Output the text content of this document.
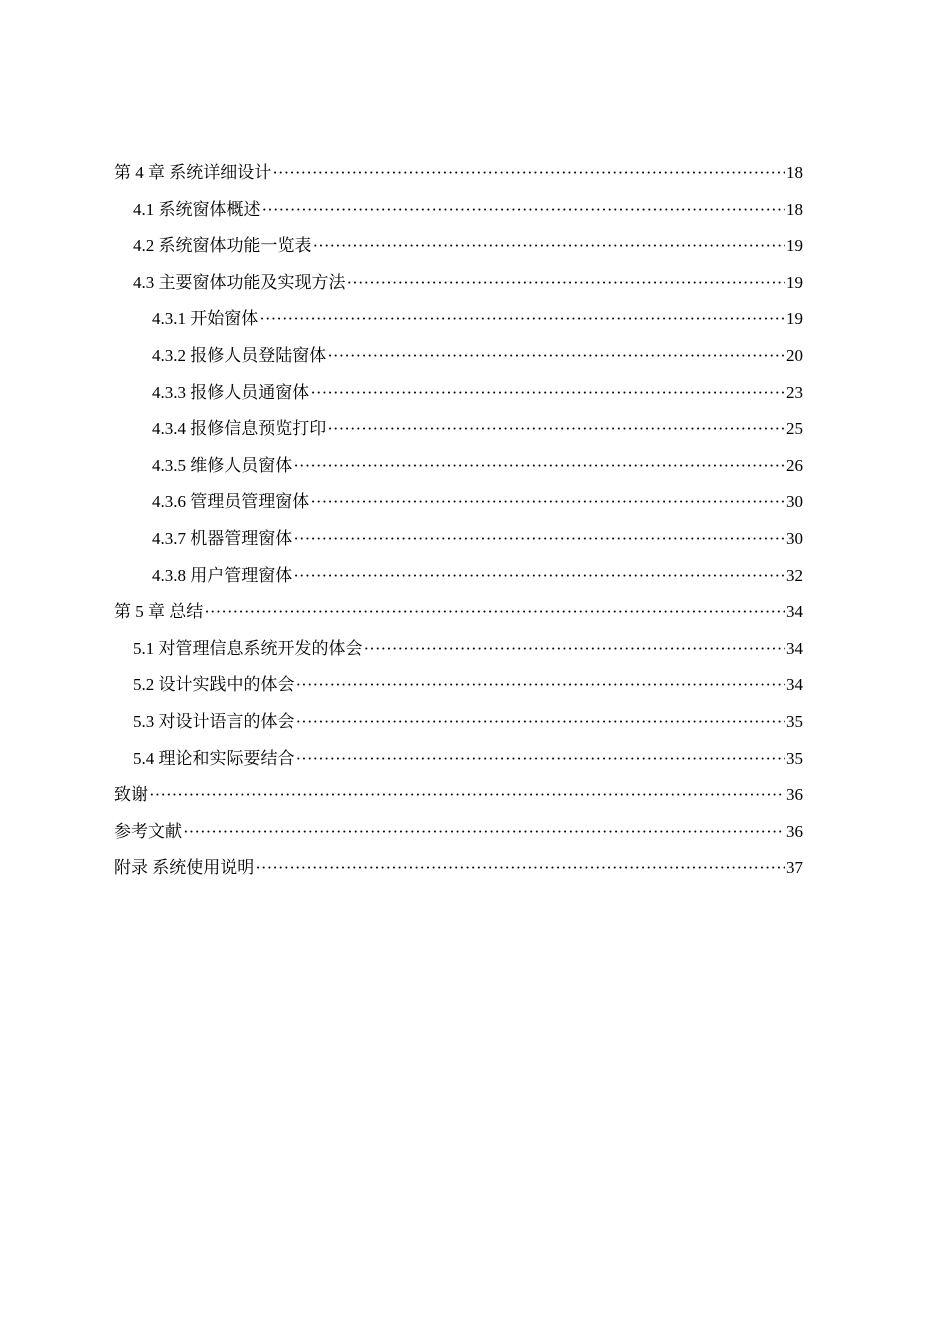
第 4 章 系统详细设计 ·····	18
4.1 系统窗体概述 ·····	18
4.2 系统窗体功能一览表 ·····	19
4.3 主要窗体功能及实现方法 ·····	19
4.3.1 开始窗体 ·····	19
4.3.2 报修人员登陆窗体 ·····	20
4.3.3 报修人员通窗体 ·····	23
4.3.4 报修信息预览打印 ·····	25
4.3.5 维修人员窗体 ·····	26
4.3.6 管理员管理窗体 ·····	30
4.3.7 机器管理窗体 ·····	30
4.3.8 用户管理窗体 ·····	32
第 5 章 总结 ·····	34
5.1 对管理信息系统开发的体会 ·····	34
5.2 设计实践中的体会 ·····	34
5.3 对设计语言的体会 ·····	35
5.4 理论和实际要结合 ·····	35
致谢 ·····	36
参考文献 ·····	36
附录 系统使用说明 ·····	37
